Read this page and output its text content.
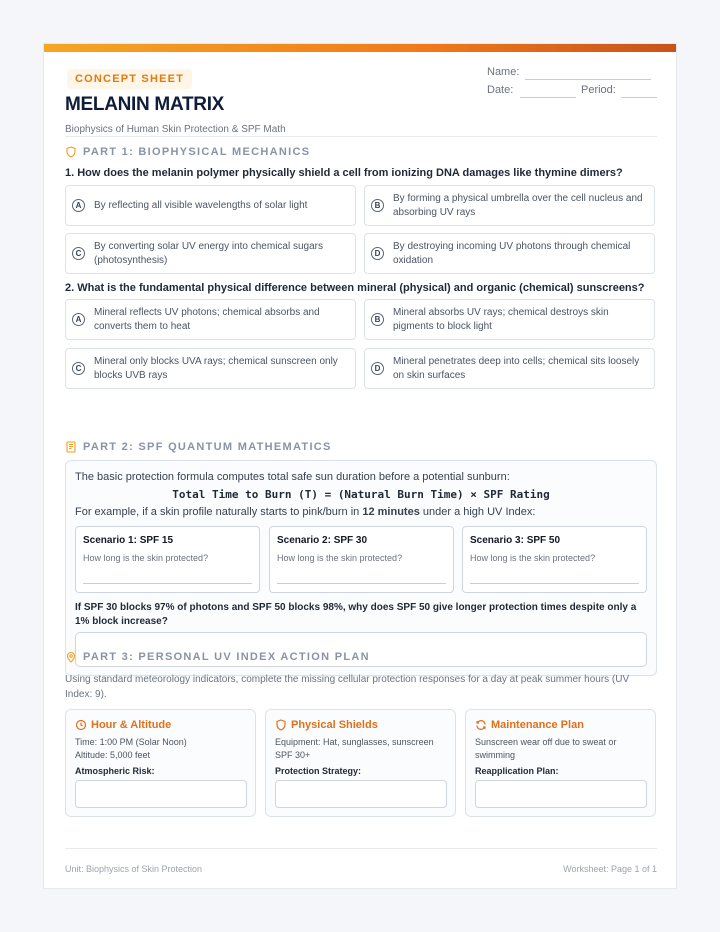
CONCEPT SHEET
MELANIN MATRIX
Biophysics of Human Skin Protection & SPF Math
Name:
Date:	Period:
PART 1: BIOPHYSICAL MECHANICS
1. How does the melanin polymer physically shield a cell from ionizing DNA damages like thymine dimers?
A	By reflecting all visible wavelengths of solar light	B
By forming a physical umbrella over the cell nucleus and absorbing UV rays
C
By converting solar UV energy into chemical sugars (photosynthesis)
D
By destroying incoming UV photons through chemical oxidation
2. What is the fundamental physical difference between mineral (physical) and organic (chemical) sunscreens?
A
Mineral reflects UV photons; chemical absorbs and converts them to heat
B
Mineral absorbs UV rays; chemical destroys skin pigments to block light
C
Mineral only blocks UVA rays; chemical sunscreen only blocks UVB rays
D
Mineral penetrates deep into cells; chemical sits loosely on skin surfaces
PART 2: SPF QUANTUM MATHEMATICS
The basic protection formula computes total safe sun duration before a potential sunburn:
Total Time to Burn (T) = (Natural Burn Time) × SPF Rating
For example, if a skin profile naturally starts to pink/burn in 12 minutes under a high UV Index:
Scenario 1: SPF 15
How long is the skin protected?
Scenario 2: SPF 30
How long is the skin protected?
Scenario 3: SPF 50
How long is the skin protected?
If SPF 30 blocks 97% of photons and SPF 50 blocks 98%, why does SPF 50 give longer protection times despite only a 1% block increase?
PART 3: PERSONAL UV INDEX ACTION PLAN
Using standard meteorology indicators, complete the missing cellular protection responses for a day at peak summer hours (UV Index: 9).
Hour & Altitude
Time: 1:00 PM (Solar Noon)
Altitude: 5,000 feet
Atmospheric Risk:
Physical Shields
Equipment: Hat, sunglasses, sunscreen SPF 30+
Protection Strategy:
Maintenance Plan
Sunscreen wear off due to sweat or swimming
Reapplication Plan:
Unit: Biophysics of Skin Protection	Worksheet: Page 1 of 1
